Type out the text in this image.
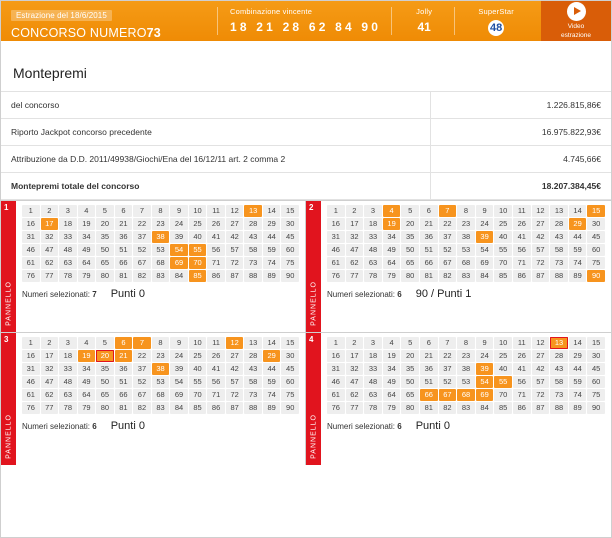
Estrazione del 18/6/2015
CONCORSO NUMERO73
Combinazione vincente
18 21 28 62 84 90
Jolly
41
SuperStar
48	Video
estrazione
Montepremi
del concorso	1.226.815,86€
Riporto Jackpot concorso precedente	16.975.822,93€
Attribuzione da D.D. 2011/49938/Giochi/Ena del 16/12/11 art. 2 comma 2	4.745,66€
Montepremi totale del concorso	18.207.384,45€
1
PANNELLO
1	2	3	4	5	6	7	8	9	10	11	12	13	14	15
16	17	18	19	20	21	22	23	24	25	26	27	28	29	30
31	32	33	34	35	36	37	38	39	40	41	42	43	44	45
46	47	48	49	50	51	52	53	54	55	56	57	58	59	60
61	62	63	64	65	66	67	68	69	70	71	72	73	74	75
76	77	78	79	80	81	82	83	84	85	86	87	88	89	90
Numeri selezionati: 7 Punti 0
2
PANNELLO
1	2	3	4	5	6	7	8	9	10	11	12	13	14	15
16	17	18	19	20	21	22	23	24	25	26	27	28	29	30
31	32	33	34	35	36	37	38	39	40	41	42	43	44	45
46	47	48	49	50	51	52	53	54	55	56	57	58	59	60
61	62	63	64	65	66	67	68	69	70	71	72	73	74	75
76	77	78	79	80	81	82	83	84	85	86	87	88	89	90
Numeri selezionati: 6 90 / Punti 1
3
PANNELLO
1	2	3	4	5	6	7	8	9	10	11	12	13	14	15
16	17	18	19	20	21	22	23	24	25	26	27	28	29	30
31	32	33	34	35	36	37	38	39	40	41	42	43	44	45
46	47	48	49	50	51	52	53	54	55	56	57	58	59	60
61	62	63	64	65	66	67	68	69	70	71	72	73	74	75
76	77	78	79	80	81	82	83	84	85	86	87	88	89	90
Numeri selezionati: 6 Punti 0
4
PANNELLO
1	2	3	4	5	6	7	8	9	10	11	12	13	14	15
16	17	18	19	20	21	22	23	24	25	26	27	28	29	30
31	32	33	34	35	36	37	38	39	40	41	42	43	44	45
46	47	48	49	50	51	52	53	54	55	56	57	58	59	60
61	62	63	64	65	66	67	68	69	70	71	72	73	74	75
76	77	78	79	80	81	82	83	84	85	86	87	88	89	90
Numeri selezionati: 6 Punti 0
